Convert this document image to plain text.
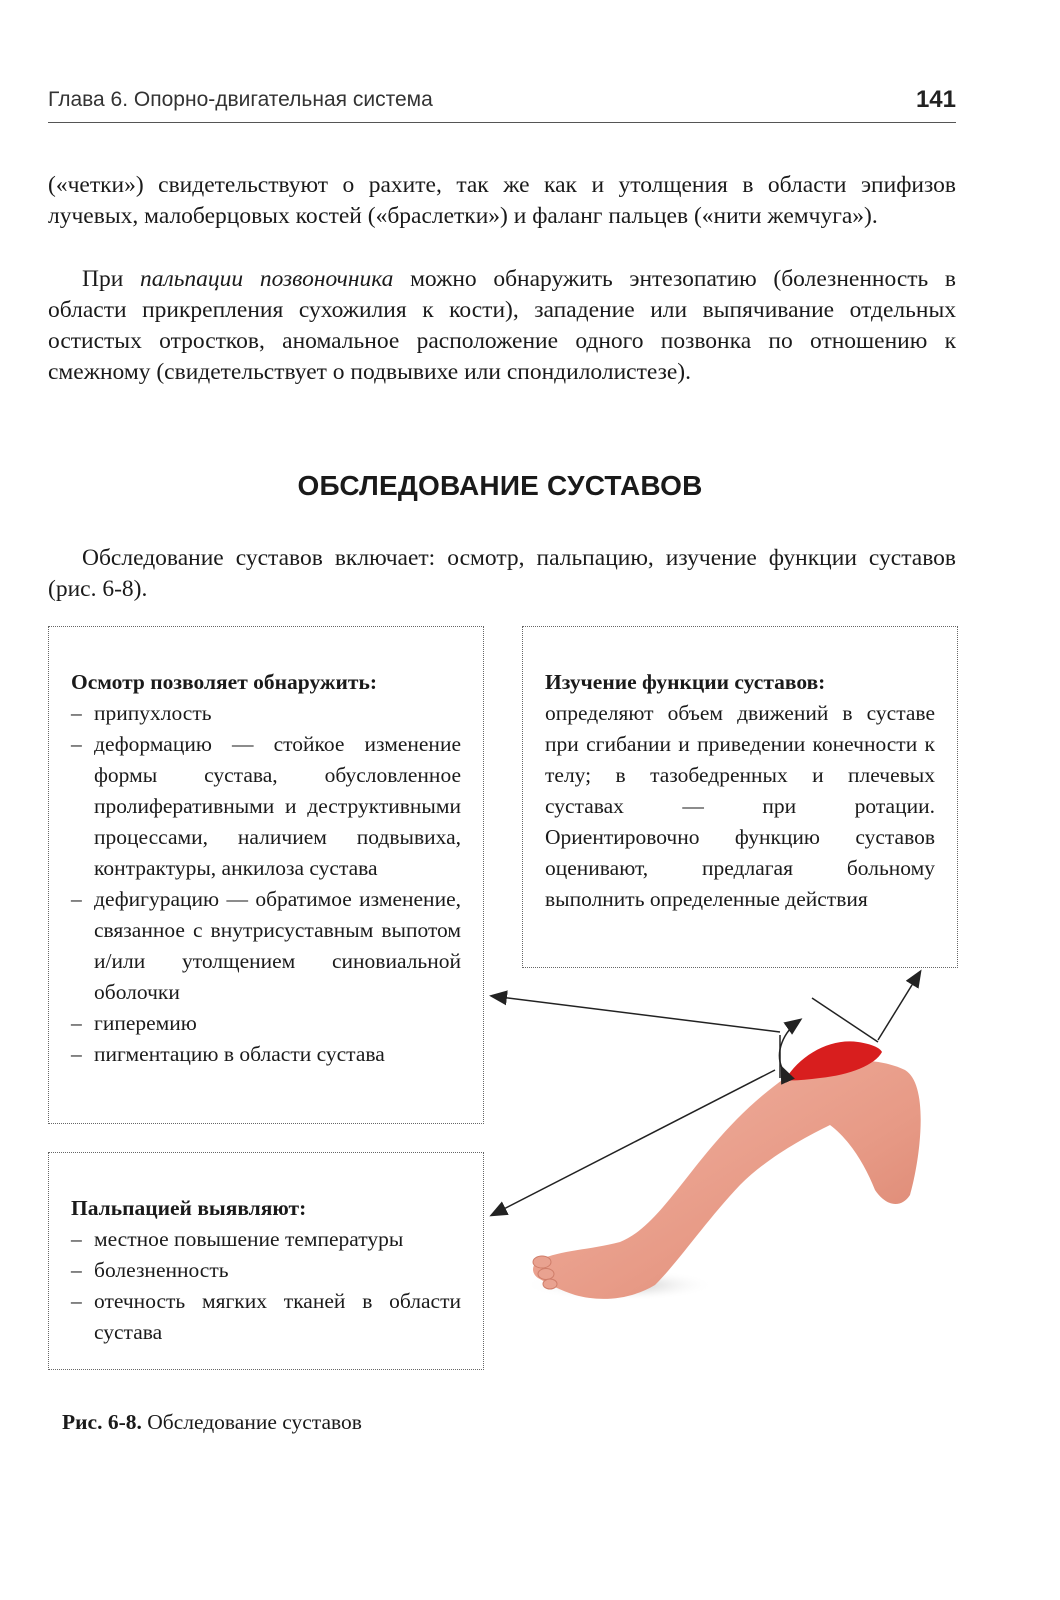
Глава 6. Опорно-двигательная система	141
(«четки») свидетельствуют о рахите, так же как и утолщения в области эпифизов лучевых, малоберцовых костей («браслетки») и фаланг пальцев («нити жемчуга»).
При пальпации позвоночника можно обнаружить энтезопатию (болезненность в области прикрепления сухожилия к кости), западение или выпячивание отдельных остистых отростков, аномальное расположение одного позвонка по отношению к смежному (свидетельствует о подвывихе или спондилолистезе).
ОБСЛЕДОВАНИЕ СУСТАВОВ
Обследование суставов включает: осмотр, пальпацию, изучение функции суставов (рис. 6-8).
Осмотр позволяет обнаружить:
– припухлость
– деформацию — стойкое изменение формы сустава, обусловленное пролиферативными и деструктивными процессами, наличием подвывиха, контрактуры, анкилоза сустава
– дефигурацию — обратимое изменение, связанное с внутрисуставным выпотом и/или утолщением синовиальной оболочки
– гиперемию
– пигментацию в области сустава
Изучение функции суставов:
определяют объем движений в суставе при сгибании и приведении конечности к телу; в тазобедренных и плечевых суставах — при ротации. Ориентировочно функцию суставов оценивают, предлагая больному выполнить определенные действия
Пальпацией выявляют:
– местное повышение температуры
– болезненность
– отечность мягких тканей в области сустава
Рис. 6-8. Обследование суставов
